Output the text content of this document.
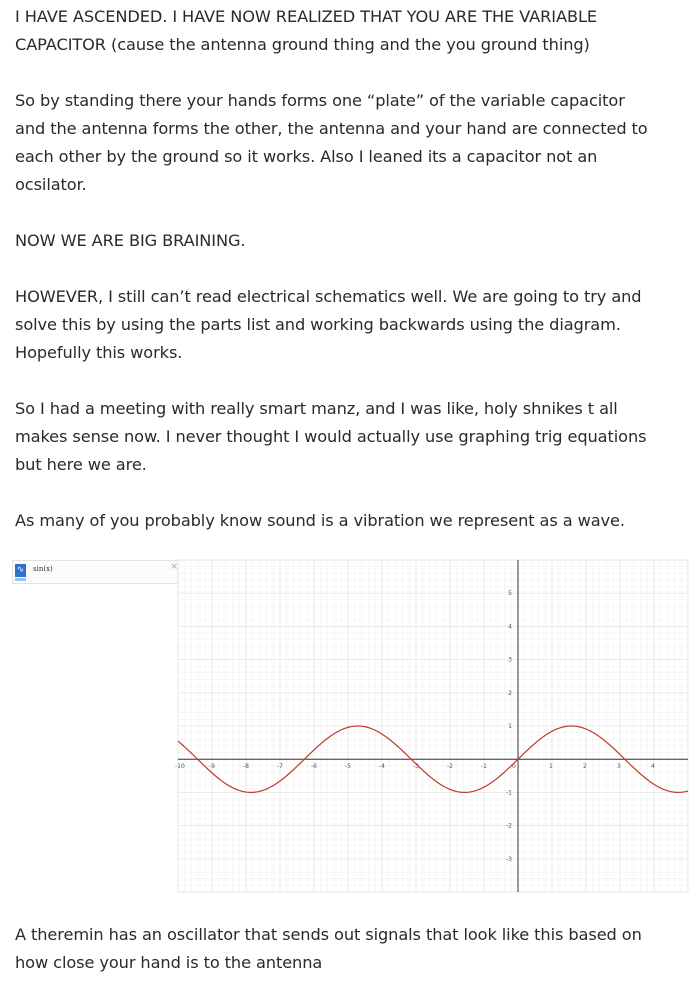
I HAVE ASCENDED. I HAVE NOW REALIZED THAT YOU ARE THE VARIABLE
CAPACITOR (cause the antenna ground thing and the you ground thing)

So by standing there your hands forms one “plate” of the variable capacitor
and the antenna forms the other, the antenna and your hand are connected to
each other by the ground so it works. Also I leaned its a capacitor not an
ocsilator.

NOW WE ARE BIG BRAINING.

HOWEVER, I still can’t read electrical schematics well. We are going to try and
solve this by using the parts list and working backwards using the diagram.
Hopefully this works.

So I had a meeting with really smart manz, and I was like, holy shnikes t all
makes sense now. I never thought I would actually use graphing trig equations
but here we are.

As many of you probably know sound is a vibration we represent as a wave.

∿ sin(x)	×
-10	-9	-8	-7	-6	-5	-4	-3	-2	-1	0	1	2	3	4
-3
-2
-1
1
2
3
4
5

A theremin has an oscillator that sends out signals that look like this based on
how close your hand is to the antenna
